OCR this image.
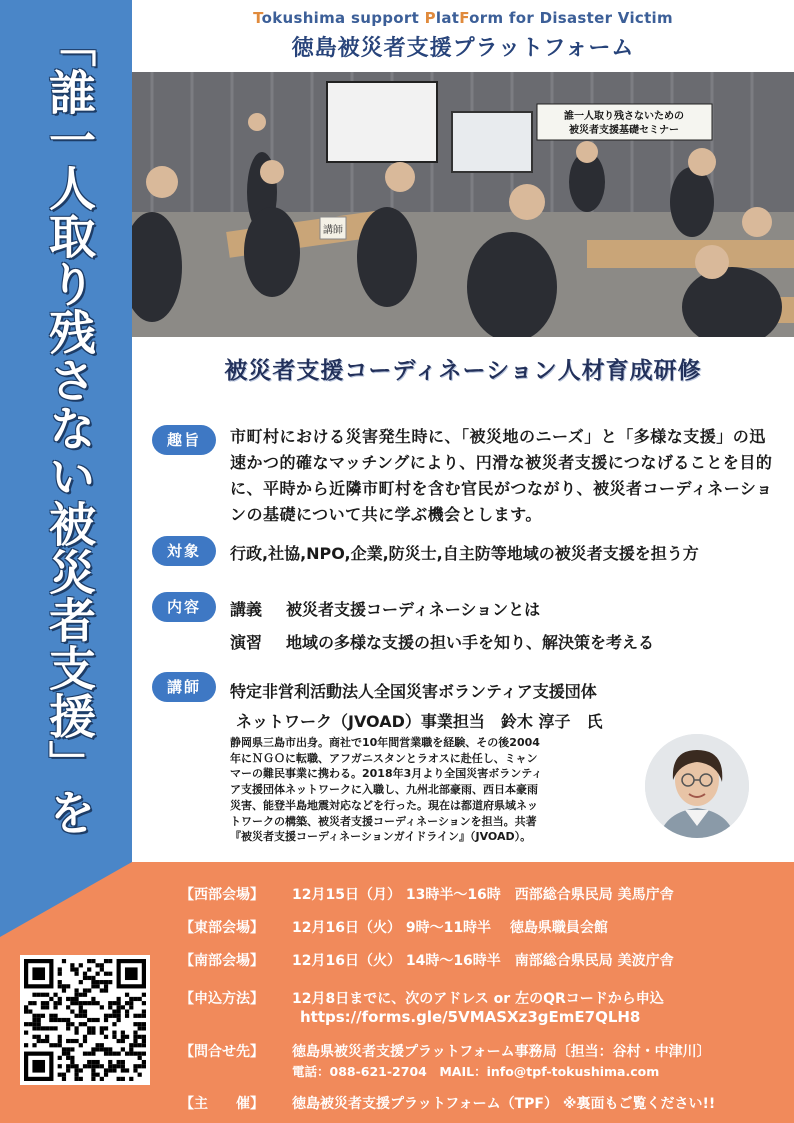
「誰一人取り残さない被災者支援」を
Tokushima support PlatForm for Disaster Victim
徳島被災者支援プラットフォーム
誰一人取り残さないための
被災者支援基礎セミナー
講師
被災者支援コーディネーション人材育成研修
趣旨	市町村における災害発生時に、「被災地のニーズ」と「多様な支援」の迅速かつ的確なマッチングにより、円滑な被災者支援につなげることを目的に、平時から近隣市町村を含む官民がつながり、被災者コーディネーションの基礎について共に学ぶ機会とします。
対象	行政,社協,NPO,企業,防災士,自主防等地域の被災者支援を担う方
内容	講義 被災者支援コーディネーションとは
演習 地域の多様な支援の担い手を知り、解決策を考える
講師	特定非営利活動法人全国災害ボランティア支援団体
ネットワーク（JVOAD）事業担当　鈴木 淳子　氏
静岡県三島市出身。商社で10年間営業職を経験、その後2004
年にＮＧＯに転職、アフガニスタンとラオスに赴任し、ミャン
マーの難民事業に携わる。2018年3月より全国災害ボランティ
ア支援団体ネットワークに入職し、九州北部豪雨、西日本豪雨
災害、能登半島地震対応などを行った。現在は都道府県域ネッ
トワークの構築、被災者支援コーディネーションを担当。共著
『被災者支援コーディネーションガイドライン』（JVOAD）。
【西部会場】 12月15日（月） 13時半～16時　西部総合県民局 美馬庁舎
【東部会場】 12月16日（火） 9時～11時半　 徳島県職員会館
【南部会場】 12月16日（火） 14時～16時半　南部総合県民局 美波庁舎
【申込方法】 12月8日までに、次のアドレス or 左のQRコードから申込
https://forms.gle/5VMASXz3gEmE7QLH8
【問合せ先】 徳島県被災者支援プラットフォーム事務局〔担当：谷村・中津川〕
電話：088-621-2704　MAIL：info@tpf-tokushima.com
【主　　催】 徳島被災者支援プラットフォーム（TPF） ※裏面もご覧ください!!
